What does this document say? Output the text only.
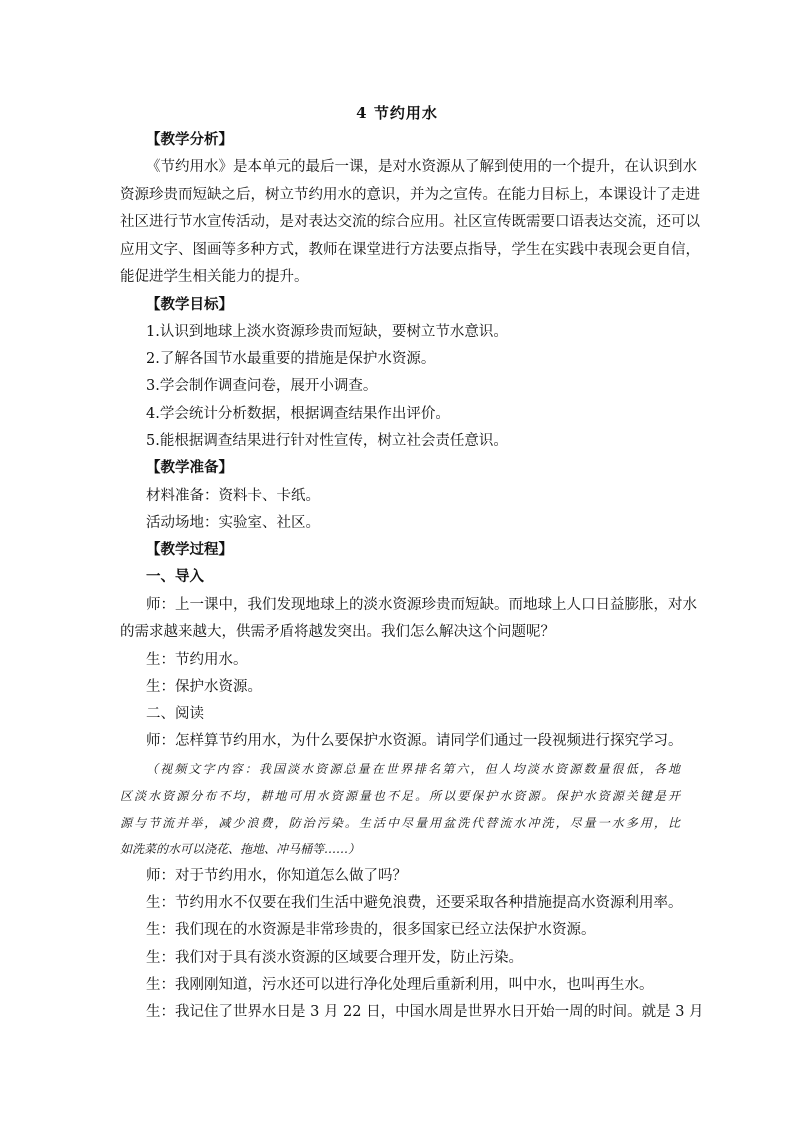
4 节约用水
【教学分析】
《节约用水》是本单元的最后一课，是对水资源从了解到使用的一个提升，在认识到水
资源珍贵而短缺之后，树立节约用水的意识，并为之宣传。在能力目标上，本课设计了走进
社区进行节水宣传活动，是对表达交流的综合应用。社区宣传既需要口语表达交流，还可以
应用文字、图画等多种方式，教师在课堂进行方法要点指导，学生在实践中表现会更自信，
能促进学生相关能力的提升。
【教学目标】
1.认识到地球上淡水资源珍贵而短缺，要树立节水意识。
2.了解各国节水最重要的措施是保护水资源。
3.学会制作调查问卷，展开小调查。
4.学会统计分析数据，根据调查结果作出评价。
5.能根据调查结果进行针对性宣传，树立社会责任意识。
【教学准备】
材料准备：资料卡、卡纸。
活动场地：实验室、社区。
【教学过程】
一、导入
师：上一课中，我们发现地球上的淡水资源珍贵而短缺。而地球上人口日益膨胀，对水
的需求越来越大，供需矛盾将越发突出。我们怎么解决这个问题呢？
生：节约用水。
生：保护水资源。
二、阅读
师：怎样算节约用水，为什么要保护水资源。请同学们通过一段视频进行探究学习。
（视频文字内容：我国淡水资源总量在世界排名第六，但人均淡水资源数量很低，各地
区淡水资源分布不均，耕地可用水资源量也不足。所以要保护水资源。保护水资源关键是开
源与节流并举，减少浪费，防治污染。生活中尽量用盆洗代替流水冲洗，尽量一水多用，比
如洗菜的水可以浇花、拖地、冲马桶等……）
师：对于节约用水，你知道怎么做了吗？
生：节约用水不仅要在我们生活中避免浪费，还要采取各种措施提高水资源利用率。
生：我们现在的水资源是非常珍贵的，很多国家已经立法保护水资源。
生：我们对于具有淡水资源的区域要合理开发，防止污染。
生：我刚刚知道，污水还可以进行净化处理后重新利用，叫中水，也叫再生水。
生：我记住了世界水日是 3 月 22 日，中国水周是世界水日开始一周的时间。就是 3 月
